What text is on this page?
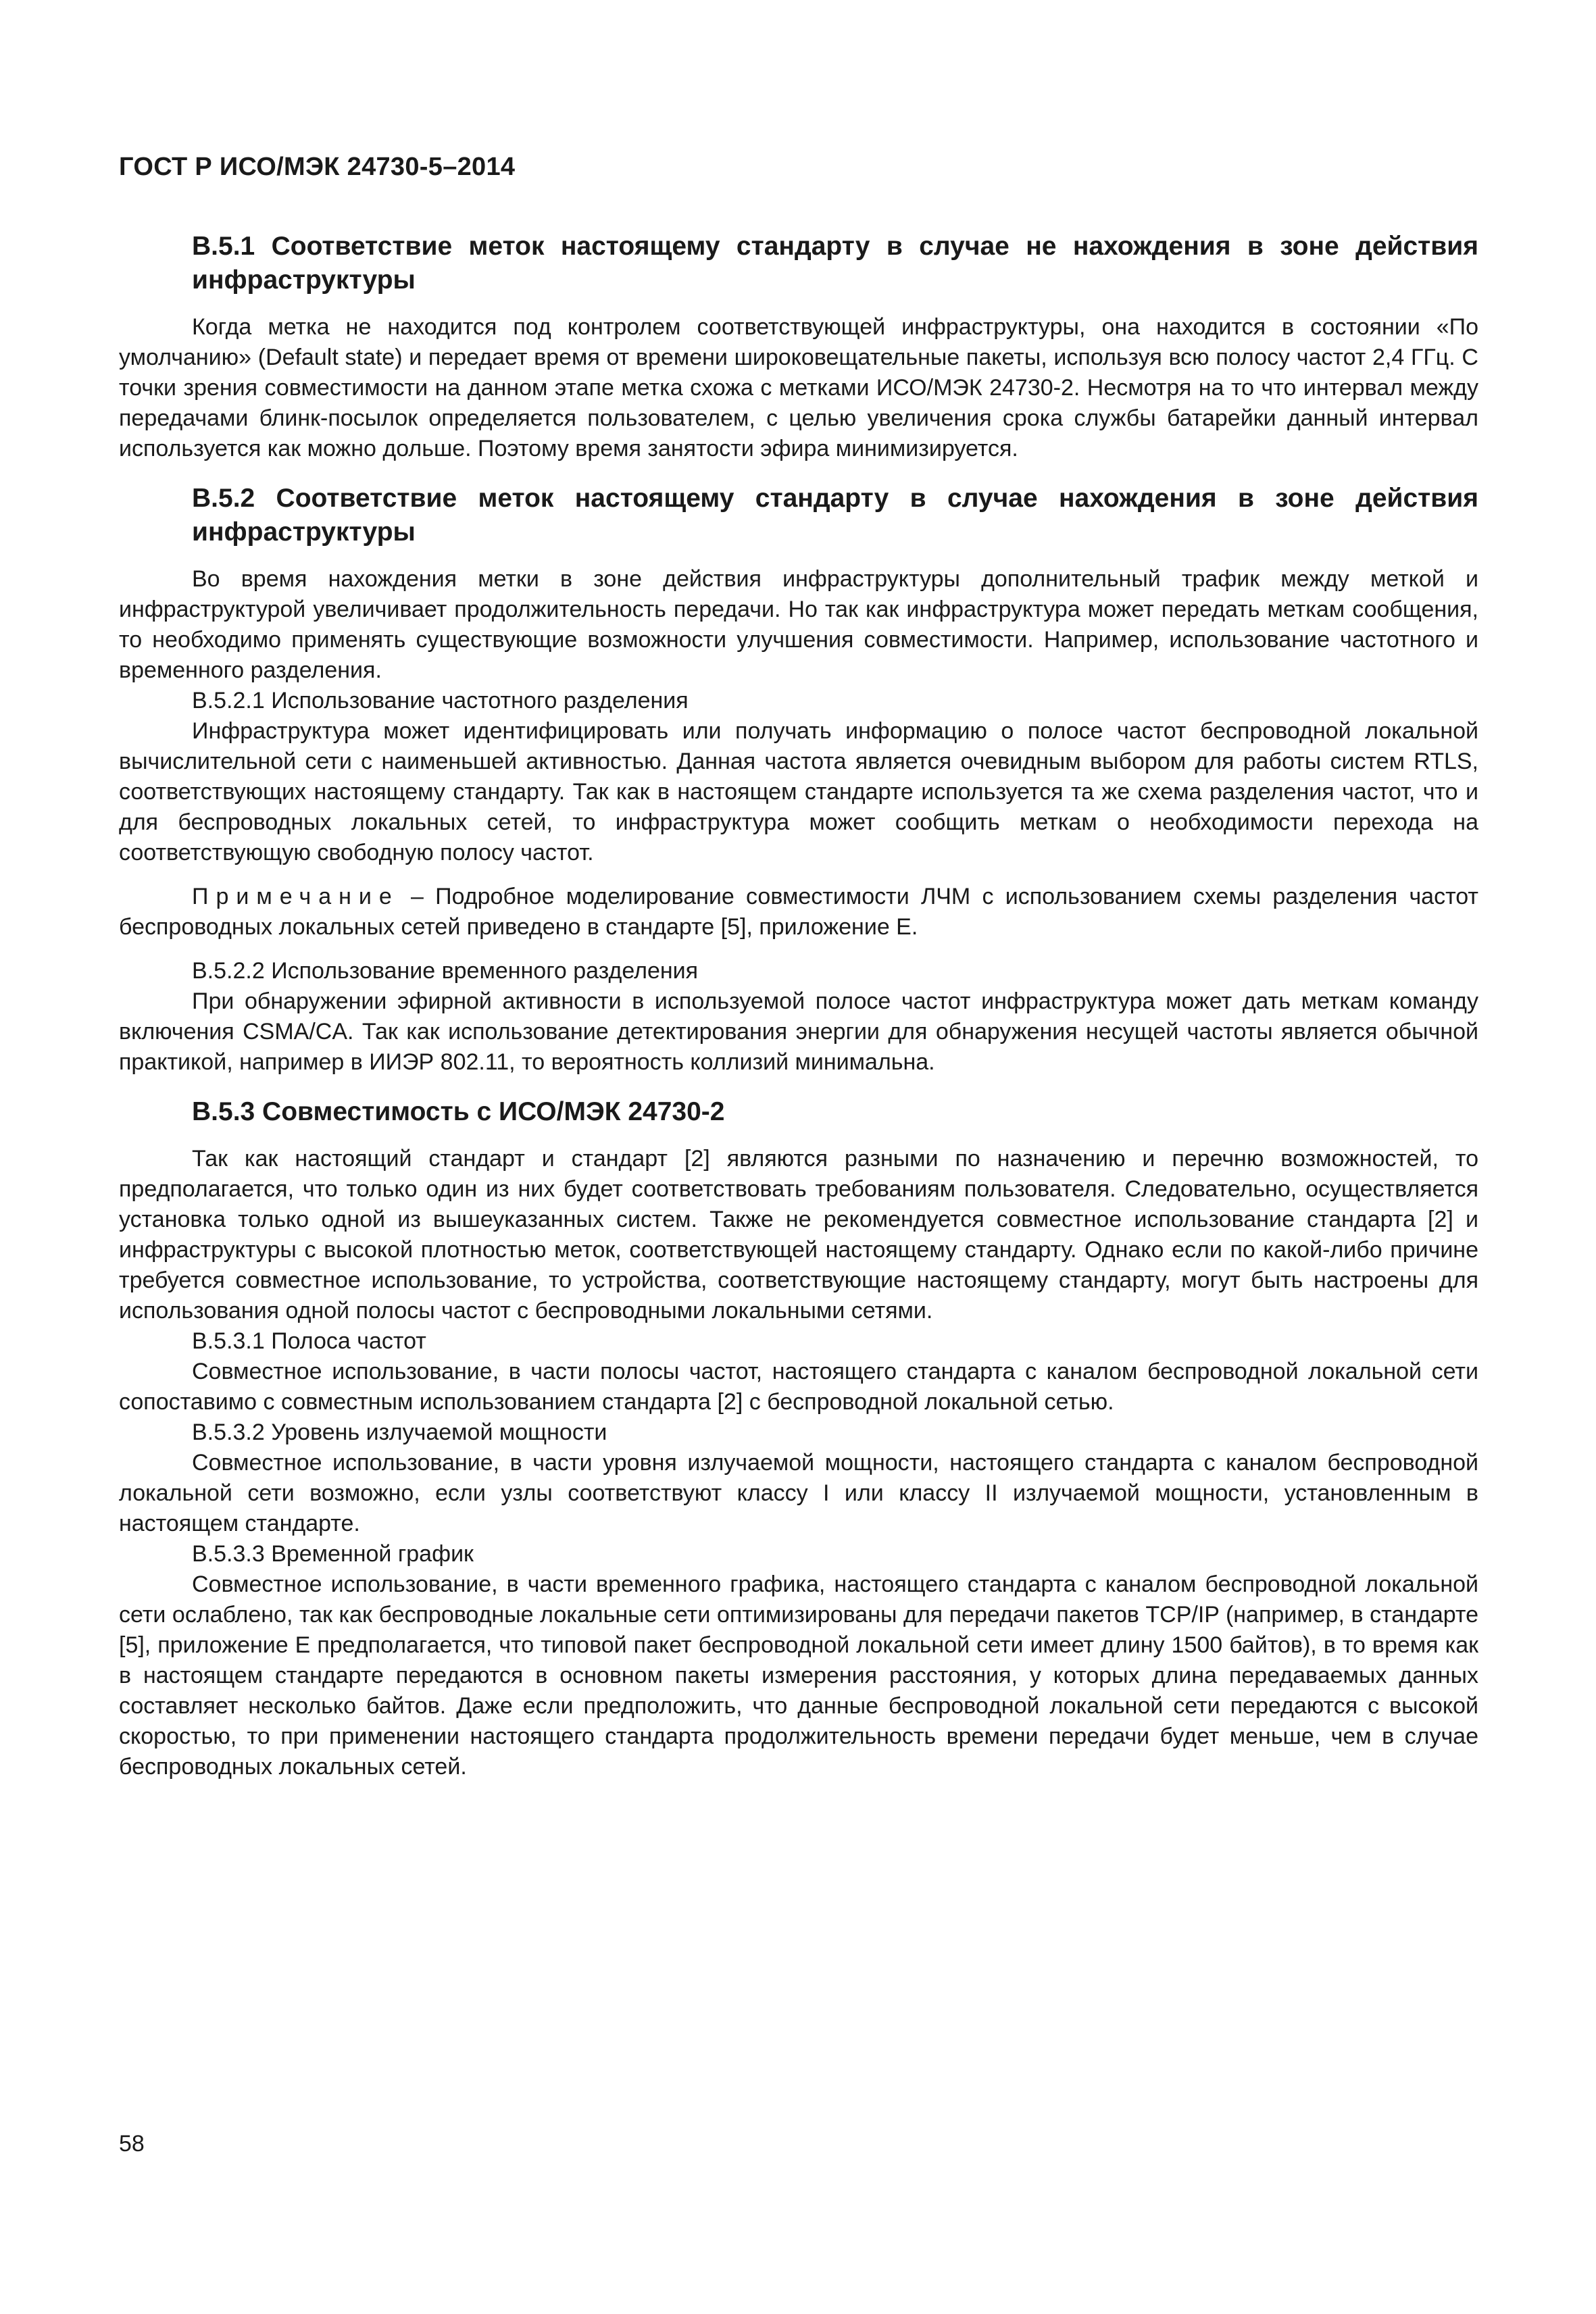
ГОСТ Р ИСО/МЭК 24730-5–2014
B.5.1 Соответствие меток настоящему стандарту в случае не нахождения в зоне действия инфраструктуры

Когда метка не находится под контролем соответствующей инфраструктуры, она находится в состоянии «По умолчанию» (Default state) и передает время от времени широковещательные пакеты, используя всю полосу частот 2,4 ГГц. С точки зрения совместимости на данном этапе метка схожа с метками ИСО/МЭК 24730-2. Несмотря на то что интервал между передачами блинк-посылок определяется пользователем, с целью увеличения срока службы батарейки данный интервал используется как можно дольше. Поэтому время занятости эфира минимизируется.

B.5.2 Соответствие меток настоящему стандарту в случае нахождения в зоне действия инфраструктуры

Во время нахождения метки в зоне действия инфраструктуры дополнительный трафик между меткой и инфраструктурой увеличивает продолжительность передачи. Но так как инфраструктура может передать меткам сообщения, то необходимо применять существующие возможности улучшения совместимости. Например, использование частотного и временного разделения.

B.5.2.1 Использование частотного разделения

Инфраструктура может идентифицировать или получать информацию о полосе частот беспроводной локальной вычислительной сети с наименьшей активностью. Данная частота является очевидным выбором для работы систем RTLS, соответствующих настоящему стандарту. Так как в настоящем стандарте используется та же схема разделения частот, что и для беспроводных локальных сетей, то инфраструктура может сообщить меткам о необходимости перехода на соответствующую свободную полосу частот.

Примечание – Подробное моделирование совместимости ЛЧМ с использованием схемы разделения частот беспроводных локальных сетей приведено в стандарте [5], приложение E.

B.5.2.2 Использование временного разделения

При обнаружении эфирной активности в используемой полосе частот инфраструктура может дать меткам команду включения CSMA/CA. Так как использование детектирования энергии для обнаружения несущей частоты является обычной практикой, например в ИИЭР 802.11, то вероятность коллизий минимальна.

B.5.3 Совместимость с ИСО/МЭК 24730-2

Так как настоящий стандарт и стандарт [2] являются разными по назначению и перечню возможностей, то предполагается, что только один из них будет соответствовать требованиям пользователя. Следовательно, осуществляется установка только одной из вышеуказанных систем. Также не рекомендуется совместное использование стандарта [2] и инфраструктуры с высокой плотностью меток, соответствующей настоящему стандарту. Однако если по какой-либо причине требуется совместное использование, то устройства, соответствующие настоящему стандарту, могут быть настроены для использования одной полосы частот с беспроводными локальными сетями.

B.5.3.1 Полоса частот

Совместное использование, в части полосы частот, настоящего стандарта с каналом беспроводной локальной сети сопоставимо с совместным использованием стандарта [2] с беспроводной локальной сетью.

B.5.3.2 Уровень излучаемой мощности

Совместное использование, в части уровня излучаемой мощности, настоящего стандарта с каналом беспроводной локальной сети возможно, если узлы соответствуют классу I или классу II излучаемой мощности, установленным в настоящем стандарте.

B.5.3.3 Временной график

Совместное использование, в части временного графика, настоящего стандарта с каналом беспроводной локальной сети ослаблено, так как беспроводные локальные сети оптимизированы для передачи пакетов TCP/IP (например, в стандарте [5], приложение E предполагается, что типовой пакет беспроводной локальной сети имеет длину 1500 байтов), в то время как в настоящем стандарте передаются в основном пакеты измерения расстояния, у которых длина передаваемых данных составляет несколько байтов. Даже если предположить, что данные беспроводной локальной сети передаются с высокой скоростью, то при применении настоящего стандарта продолжительность времени передачи будет меньше, чем в случае беспроводных локальных сетей.

58
